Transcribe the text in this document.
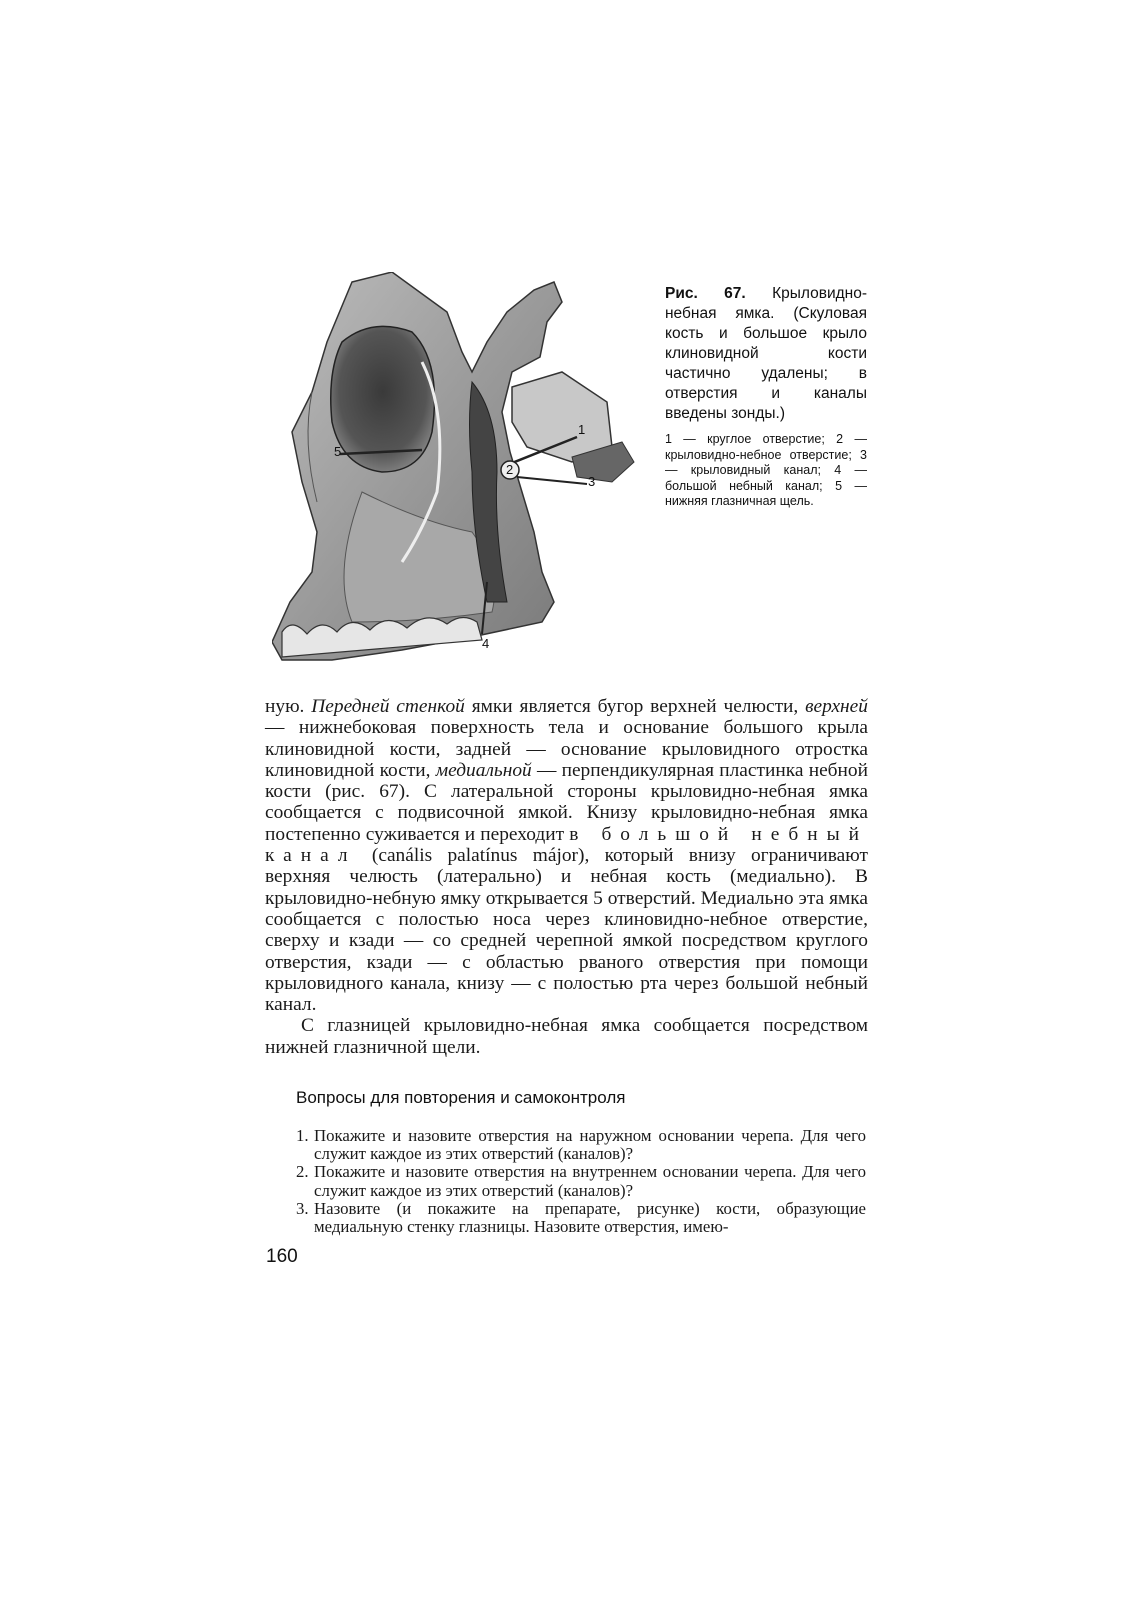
1
2
3
4
5

Рис. 67. Крыловидно-небная ямка. (Скуловая кость и большое крыло клиновидной кости частично удалены; в отверстия и каналы введены зонды.)

1 — круглое отверстие; 2 — крыловидно-небное отверстие; 3 — крыловидный канал; 4 — большой небный канал; 5 — нижняя глазничная щель.

ную. Передней стенкой ямки является бугор верхней челюсти, верхней — нижнебоковая поверхность тела и основание большого крыла клиновидной кости, задней — основание крыловидного отростка клиновидной кости, медиальной — перпендикулярная пластинка небной кости (рис. 67). С латеральной стороны крыловидно-небная ямка сообщается с подвисочной ямкой. Книзу крыловидно-небная ямка постепенно суживается и переходит в большой небный канал (canális palatínus májor), который внизу ограничивают верхняя челюсть (латерально) и небная кость (медиально). В крыловидно-небную ямку открывается 5 отверстий. Медиально эта ямка сообщается с полостью носа через клиновидно-небное отверстие, сверху и кзади — со средней черепной ямкой посредством круглого отверстия, кзади — с областью рваного отверстия при помощи крыловидного канала, книзу — с полостью рта через большой небный канал.

С глазницей крыловидно-небная ямка сообщается посредством нижней глазничной щели.

Вопросы для повторения и самоконтроля
1. Покажите и назовите отверстия на наружном основании черепа. Для чего служит каждое из этих отверстий (каналов)?
2. Покажите и назовите отверстия на внутреннем основании черепа. Для чего служит каждое из этих отверстий (каналов)?
3. Назовите (и покажите на препарате, рисунке) кости, образующие медиальную стенку глазницы. Назовите отверстия, имею-
160
